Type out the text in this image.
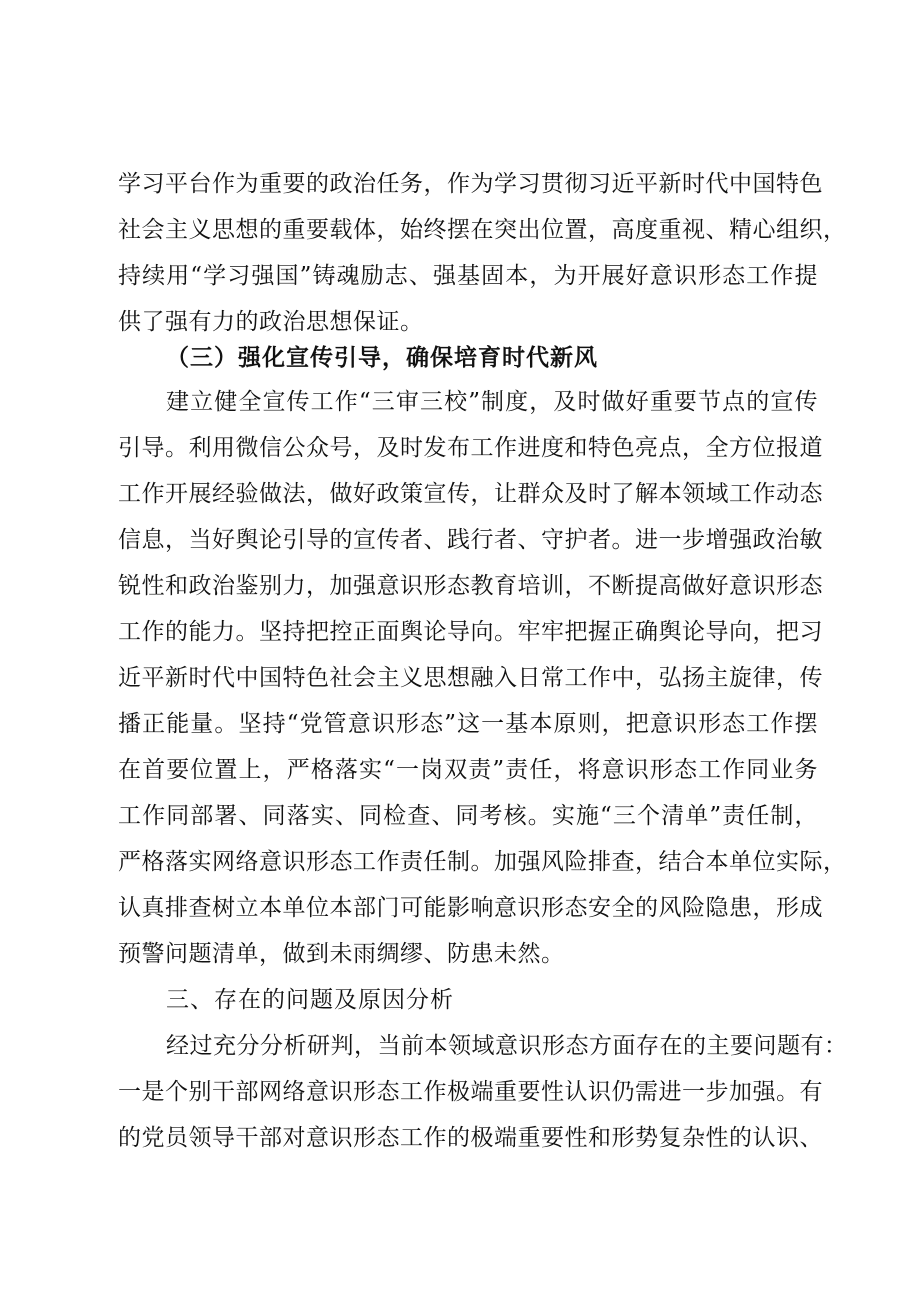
学习平台作为重要的政治任务，作为学习贯彻习近平新时代中国特色
社会主义思想的重要载体，始终摆在突出位置，高度重视、精心组织，
持续用“学习强国”铸魂励志、强基固本，为开展好意识形态工作提
供了强有力的政治思想保证。
（三）强化宣传引导，确保培育时代新风
建立健全宣传工作“三审三校”制度，及时做好重要节点的宣传
引导。利用微信公众号，及时发布工作进度和特色亮点，全方位报道
工作开展经验做法，做好政策宣传，让群众及时了解本领域工作动态
信息，当好舆论引导的宣传者、践行者、守护者。进一步增强政治敏
锐性和政治鉴别力，加强意识形态教育培训，不断提高做好意识形态
工作的能力。坚持把控正面舆论导向。牢牢把握正确舆论导向，把习
近平新时代中国特色社会主义思想融入日常工作中，弘扬主旋律，传
播正能量。坚持“党管意识形态”这一基本原则，把意识形态工作摆
在首要位置上，严格落实“一岗双责”责任，将意识形态工作同业务
工作同部署、同落实、同检查、同考核。实施“三个清单”责任制，
严格落实网络意识形态工作责任制。加强风险排查，结合本单位实际，
认真排查树立本单位本部门可能影响意识形态安全的风险隐患，形成
预警问题清单，做到未雨绸缪、防患未然。
三、存在的问题及原因分析
经过充分分析研判，当前本领域意识形态方面存在的主要问题有：
一是个别干部网络意识形态工作极端重要性认识仍需进一步加强。有
的党员领导干部对意识形态工作的极端重要性和形势复杂性的认识、
